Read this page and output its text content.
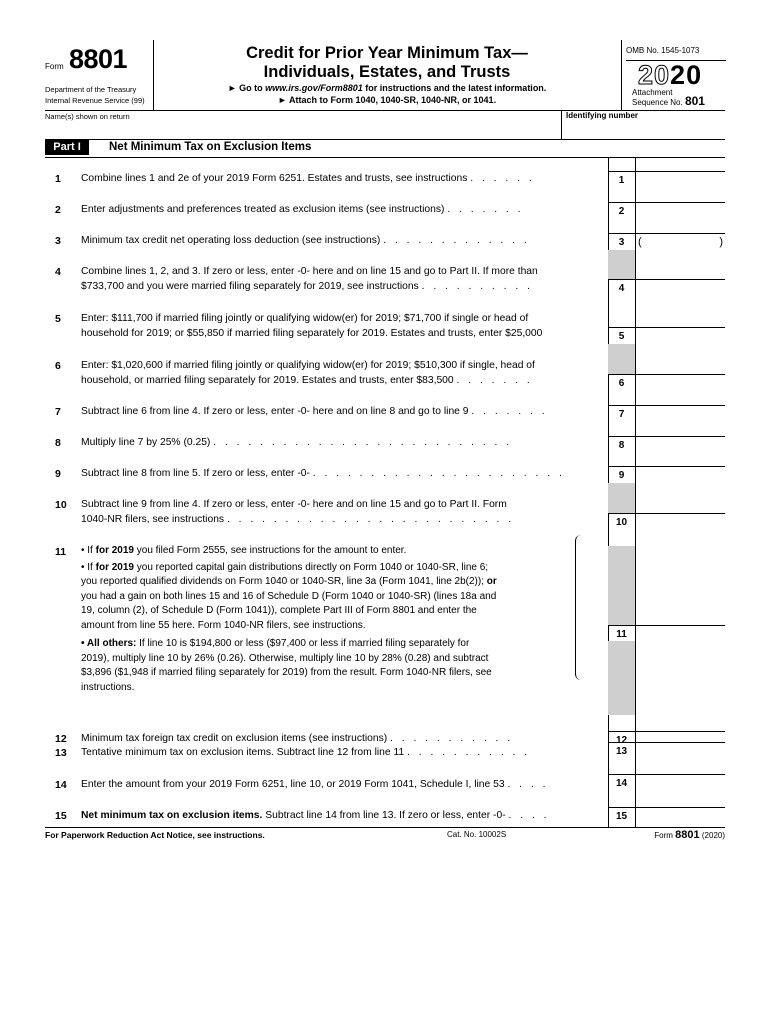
Form 8801
Department of the Treasury
Internal Revenue Service (99)
Credit for Prior Year Minimum Tax—
Individuals, Estates, and Trusts
► Go to www.irs.gov/Form8801 for instructions and the latest information.
► Attach to Form 1040, 1040-SR, 1040-NR, or 1041.
OMB No. 1545-1073
2020
Attachment
Sequence No. 801
Name(s) shown on return	Identifying number
Part I	Net Minimum Tax on Exclusion Items
1 Combine lines 1 and 2e of your 2019 Form 6251. Estates and trusts, see instructions . . . . . .	1
2 Enter adjustments and preferences treated as exclusion items (see instructions) . . . . . . .	2
3 Minimum tax credit net operating loss deduction (see instructions) . . . . . . . . . . . . .	3	(	)
4 Combine lines 1, 2, and 3. If zero or less, enter -0- here and on line 15 and go to Part II. If more than
$733,700 and you were married filing separately for 2019, see instructions . . . . . . . . . .	4
5 Enter: $111,700 if married filing jointly or qualifying widow(er) for 2019; $71,700 if single or head of
household for 2019; or $55,850 if married filing separately for 2019. Estates and trusts, enter $25,000	5
6 Enter: $1,020,600 if married filing jointly or qualifying widow(er) for 2019; $510,300 if single, head of
household, or married filing separately for 2019. Estates and trusts, enter $83,500 . . . . . . .	6
7 Subtract line 6 from line 4. If zero or less, enter -0- here and on line 8 and go to line 9 . . . . . . .	7
8 Multiply line 7 by 25% (0.25) . . . . . . . . . . . . . . . . . . . . . . . . . .	8
9 Subtract line 8 from line 5. If zero or less, enter -0- . . . . . . . . . . . . . . . . . . . . . .	9
10 Subtract line 9 from line 4. If zero or less, enter -0- here and on line 15 and go to Part II. Form
1040-NR filers, see instructions . . . . . . . . . . . . . . . . . . . . . . . . .	10
11 • If for 2019 you filed Form 2555, see instructions for the amount to enter.
• If for 2019 you reported capital gain distributions directly on Form 1040 or 1040-SR, line 6;
you reported qualified dividends on Form 1040 or 1040-SR, line 3a (Form 1041, line 2b(2)); or
you had a gain on both lines 15 and 16 of Schedule D (Form 1040 or 1040-SR) (lines 18a and
19, column (2), of Schedule D (Form 1041)), complete Part III of Form 8801 and enter the
amount from line 55 here. Form 1040-NR filers, see instructions.
• All others: If line 10 is $194,800 or less ($97,400 or less if married filing separately for
2019), multiply line 10 by 26% (0.26). Otherwise, multiply line 10 by 28% (0.28) and subtract
$3,896 ($1,948 if married filing separately for 2019) from the result. Form 1040-NR filers, see
instructions.
11
12 Minimum tax foreign tax credit on exclusion items (see instructions) . . . . . . . . . . .	12
13 Tentative minimum tax on exclusion items. Subtract line 12 from line 11 . . . . . . . . . . .	13
14 Enter the amount from your 2019 Form 6251, line 10, or 2019 Form 1041, Schedule I, line 53 . . . .	14
15 Net minimum tax on exclusion items. Subtract line 14 from line 13. If zero or less, enter -0- . . . .	15
For Paperwork Reduction Act Notice, see instructions.	Cat. No. 10002S	Form 8801 (2020)
